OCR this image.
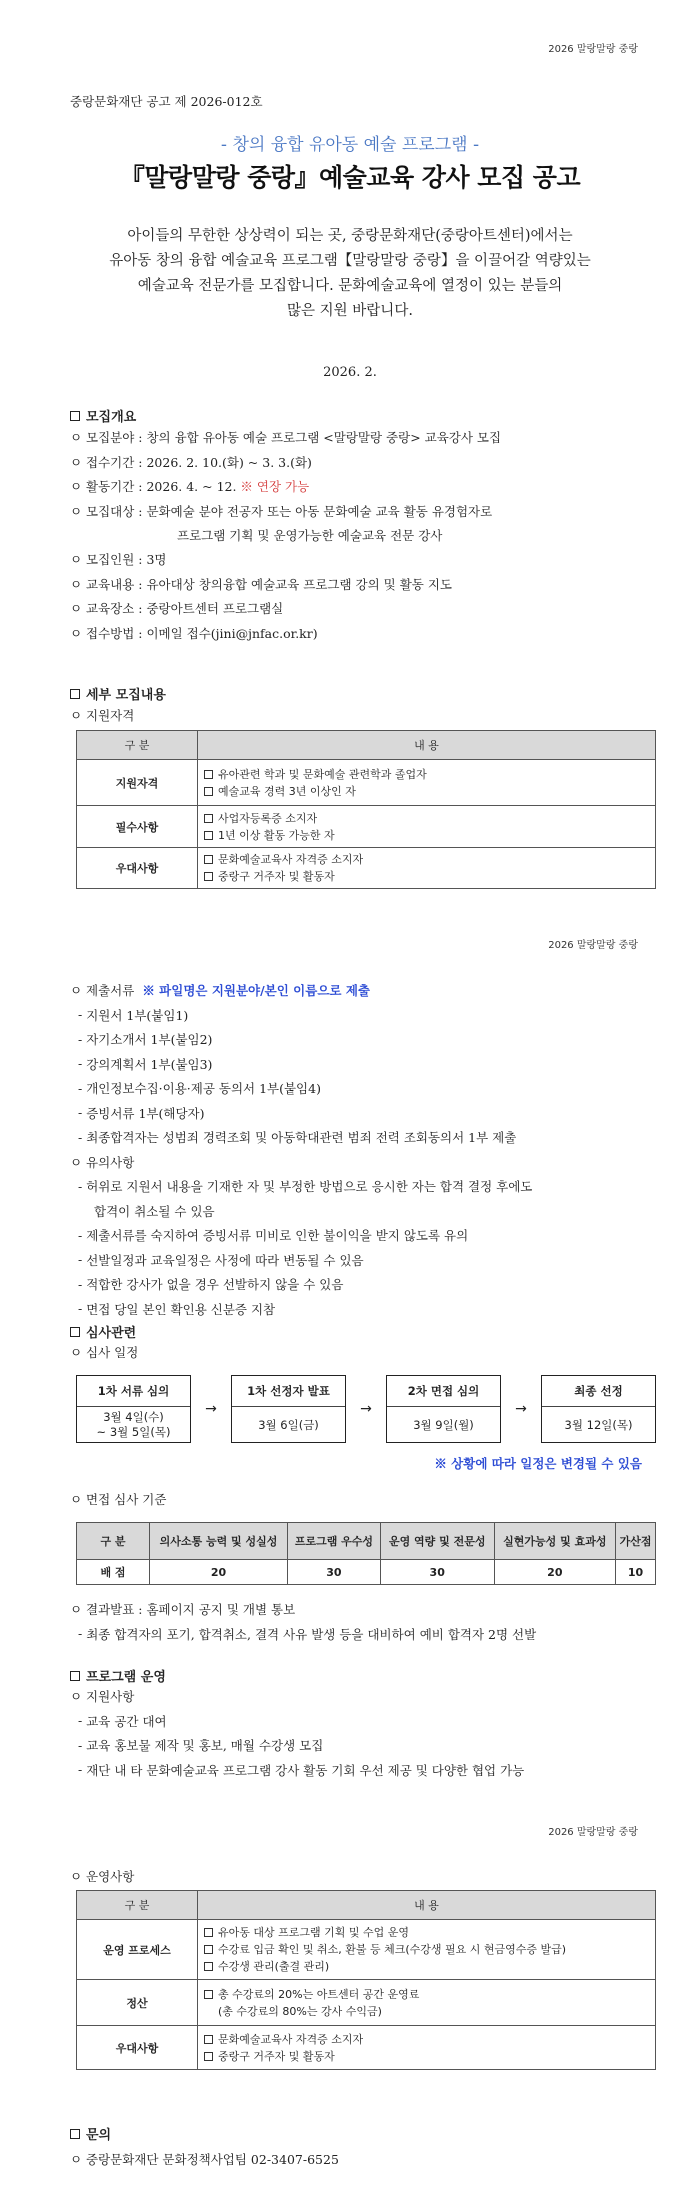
2026 말랑말랑 중랑
2026 말랑말랑 중랑
2026 말랑말랑 중랑
중랑문화재단 공고 제 2026-012호
- 창의 융합 유아동 예술 프로그램 -
『말랑말랑 중랑』예술교육 강사 모집 공고
아이들의 무한한 상상력이 되는 곳, 중랑문화재단(중랑아트센터)에서는
유아동 창의 융합 예술교육 프로그램【말랑말랑 중랑】을 이끌어갈 역량있는
예술교육 전문가를 모집합니다. 문화예술교육에 열정이 있는 분들의
많은 지원 바랍니다.
2026. 2.
모집개요
ㅇ 모집분야 : 창의 융합 유아동 예술 프로그램 <말랑말랑 중랑> 교육강사 모집
ㅇ 접수기간 : 2026. 2. 10.(화) ~ 3. 3.(화)
ㅇ 활동기간 : 2026. 4. ~ 12. ※ 연장 가능
ㅇ 모집대상 : 문화예술 분야 전공자 또는 아동 문화예술 교육 활동 유경험자로
프로그램 기획 및 운영가능한 예술교육 전문 강사
ㅇ 모집인원 : 3명
ㅇ 교육내용 : 유아대상 창의융합 예술교육 프로그램 강의 및 활동 지도
ㅇ 교육장소 : 중랑아트센터 프로그램실
ㅇ 접수방법 : 이메일 접수(jini@jnfac.or.kr)
세부 모집내용
ㅇ 지원자격
구 분	내 용
지원자격	유아관련 학과 및 문화예술 관련학과 졸업자
예술교육 경력 3년 이상인 자

필수사항	사업자등록증 소지자
1년 이상 활동 가능한 자

우대사항	문화예술교육사 자격증 소지자
중랑구 거주자 및 활동자
ㅇ 제출서류 ※ 파일명은 지원분야/본인 이름으로 제출
- 지원서 1부(붙임1)
- 자기소개서 1부(붙임2)
- 강의계획서 1부(붙임3)
- 개인정보수집·이용·제공 동의서 1부(붙임4)
- 증빙서류 1부(해당자)
- 최종합격자는 성범죄 경력조회 및 아동학대관련 범죄 전력 조회동의서 1부 제출
ㅇ 유의사항
- 허위로 지원서 내용을 기재한 자 및 부정한 방법으로 응시한 자는 합격 결정 후에도
합격이 취소될 수 있음
- 제출서류를 숙지하여 증빙서류 미비로 인한 불이익을 받지 않도록 유의
- 선발일정과 교육일정은 사정에 따라 변동될 수 있음
- 적합한 강사가 없을 경우 선발하지 않을 수 있음
- 면접 당일 본인 확인용 신분증 지참
심사관련
ㅇ 심사 일정
1차 서류 심의
3월 4일(수)
~ 3월 5일(목)
→
1차 선정자 발표
3월 6일(금)
→
2차 면접 심의
3월 9일(월)
→
최종 선정
3월 12일(목)
※ 상황에 따라 일정은 변경될 수 있음
ㅇ 면접 심사 기준
구 분	의사소통 능력 및 성실성	프로그램 우수성	운영 역량 및 전문성	실현가능성 및 효과성	가산점
배 점	20	30	30	20	10
ㅇ 결과발표 : 홈페이지 공지 및 개별 통보
- 최종 합격자의 포기, 합격취소, 결격 사유 발생 등을 대비하여 예비 합격자 2명 선발
프로그램 운영
ㅇ 지원사항
- 교육 공간 대여
- 교육 홍보물 제작 및 홍보, 매월 수강생 모집
- 재단 내 타 문화예술교육 프로그램 강사 활동 기회 우선 제공 및 다양한 협업 가능
ㅇ 운영사항
구 분	내 용
운영 프로세스	유아동 대상 프로그램 기획 및 수업 운영
수강료 입금 확인 및 취소, 환불 등 체크(수강생 필요 시 현금영수증 발급)
수강생 관리(출결 관리)

정산	총 수강료의 20%는 아트센터 공간 운영료
(총 수강료의 80%는 강사 수익금)

우대사항	문화예술교육사 자격증 소지자
중랑구 거주자 및 활동자
문의
ㅇ 중랑문화재단 문화정책사업팀 02-3407-6525
